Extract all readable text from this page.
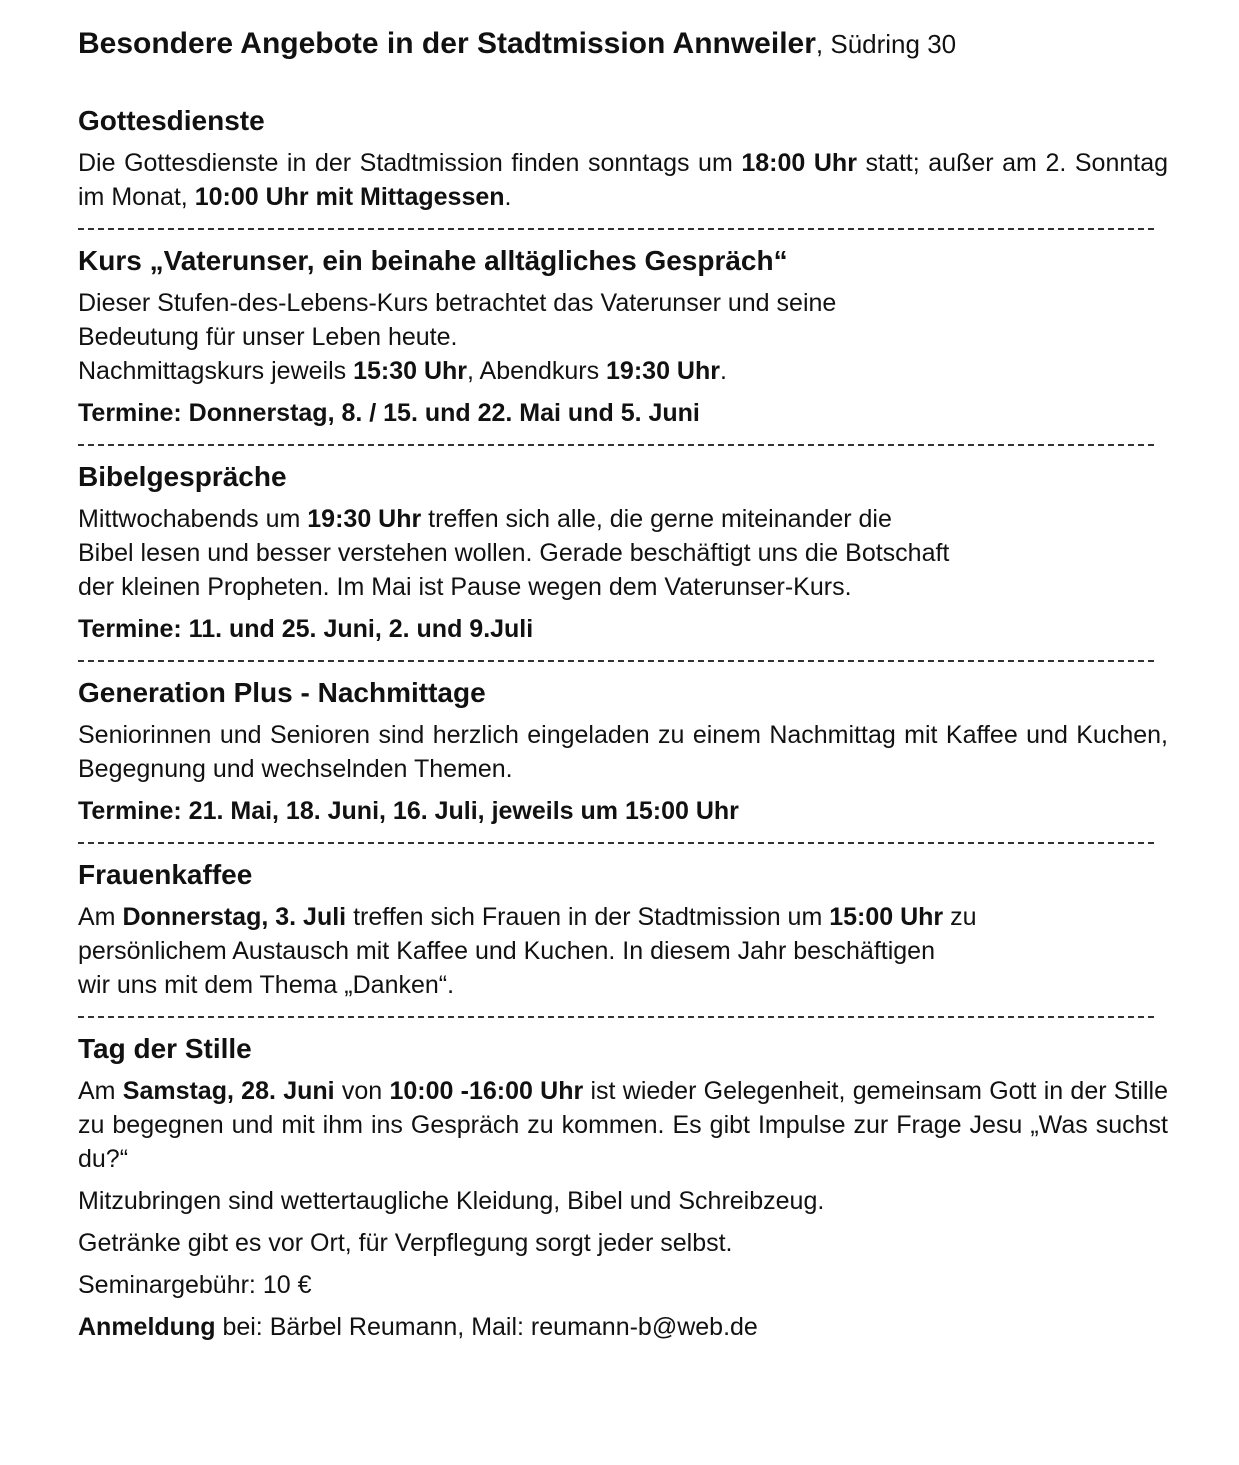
Besondere Angebote in der Stadtmission Annweiler, Südring 30
Gottesdienste

Die Gottesdienste in der Stadtmission finden sonntags um 18:00 Uhr statt; außer am 2. Sonntag im Monat, 10:00 Uhr mit Mittagessen.

Kurs „Vaterunser, ein beinahe alltägliches Gespräch“

Dieser Stufen-des-Lebens-Kurs betrachtet das Vaterunser und seine

Bedeutung für unser Leben heute.

Nachmittagskurs jeweils 15:30 Uhr, Abendkurs 19:30 Uhr.

Termine: Donnerstag, 8. / 15. und 22. Mai und 5. Juni
Bibelgespräche

Mittwochabends um 19:30 Uhr treffen sich alle, die gerne miteinander die

Bibel lesen und besser verstehen wollen. Gerade beschäftigt uns die Botschaft

der kleinen Propheten. Im Mai ist Pause wegen dem Vaterunser-Kurs.

Termine: 11. und 25. Juni, 2. und 9.Juli
Generation Plus - Nachmittage

Seniorinnen und Senioren sind herzlich eingeladen zu einem Nachmittag mit Kaffee und Kuchen, Begegnung und wechselnden Themen.

Termine: 21. Mai, 18. Juni, 16. Juli, jeweils um 15:00 Uhr
Frauenkaffee

Am Donnerstag, 3. Juli treffen sich Frauen in der Stadtmission um 15:00 Uhr zu

persönlichem Austausch mit Kaffee und Kuchen. In diesem Jahr beschäftigen

wir uns mit dem Thema „Danken“.

Tag der Stille

Am Samstag, 28. Juni von 10:00 -16:00 Uhr ist wieder Gelegenheit, gemeinsam Gott in der Stille zu begegnen und mit ihm ins Gespräch zu kommen. Es gibt Impulse zur Frage Jesu „Was suchst du?“

Mitzubringen sind wettertaugliche Kleidung, Bibel und Schreibzeug.

Getränke gibt es vor Ort, für Verpflegung sorgt jeder selbst.

Seminargebühr: 10 €

Anmeldung bei: Bärbel Reumann, Mail: reumann-b@web.de
